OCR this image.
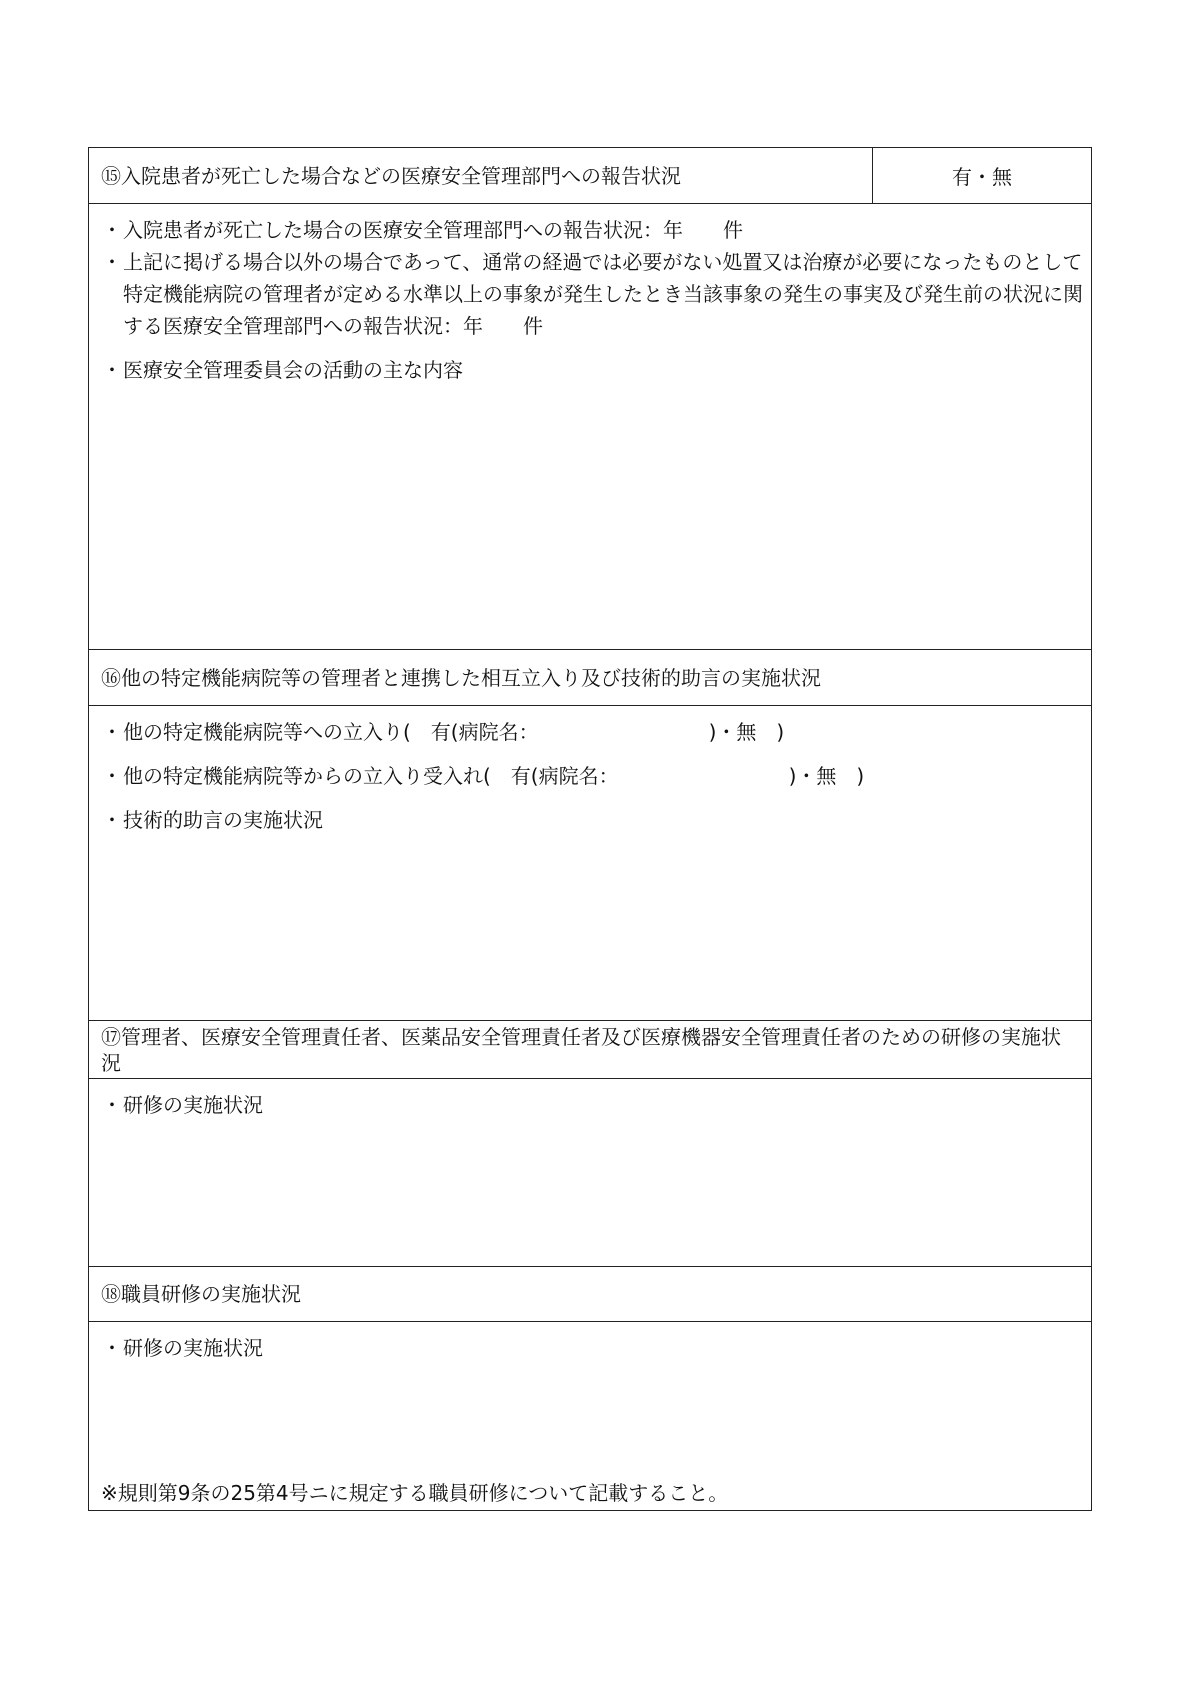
⑮入院患者が死亡した場合などの医療安全管理部門への報告状況	有・無
・ 入院患者が死亡した場合の医療安全管理部門への報告状況：年　　件
・ 上記に掲げる場合以外の場合であって、通常の経過では必要がない処置又は治療が必要になったものとして特定機能病院の管理者が定める水準以上の事象が発生したとき当該事象の発生の事実及び発生前の状況に関する医療安全管理部門への報告状況：年　　件
・ 医療安全管理委員会の活動の主な内容
⑯他の特定機能病院等の管理者と連携した相互立入り及び技術的助言の実施状況
・ 他の特定機能病院等への立入り(　有(病院名：　　　　　　　　　)・無　)
・ 他の特定機能病院等からの立入り受入れ(　有(病院名：　　　　　　　　　)・無　)
・ 技術的助言の実施状況
⑰管理者、医療安全管理責任者、医薬品安全管理責任者及び医療機器安全管理責任者のための研修の実施状況
・ 研修の実施状況
⑱職員研修の実施状況
・ 研修の実施状況
※規則第9条の25第4号ニに規定する職員研修について記載すること。
